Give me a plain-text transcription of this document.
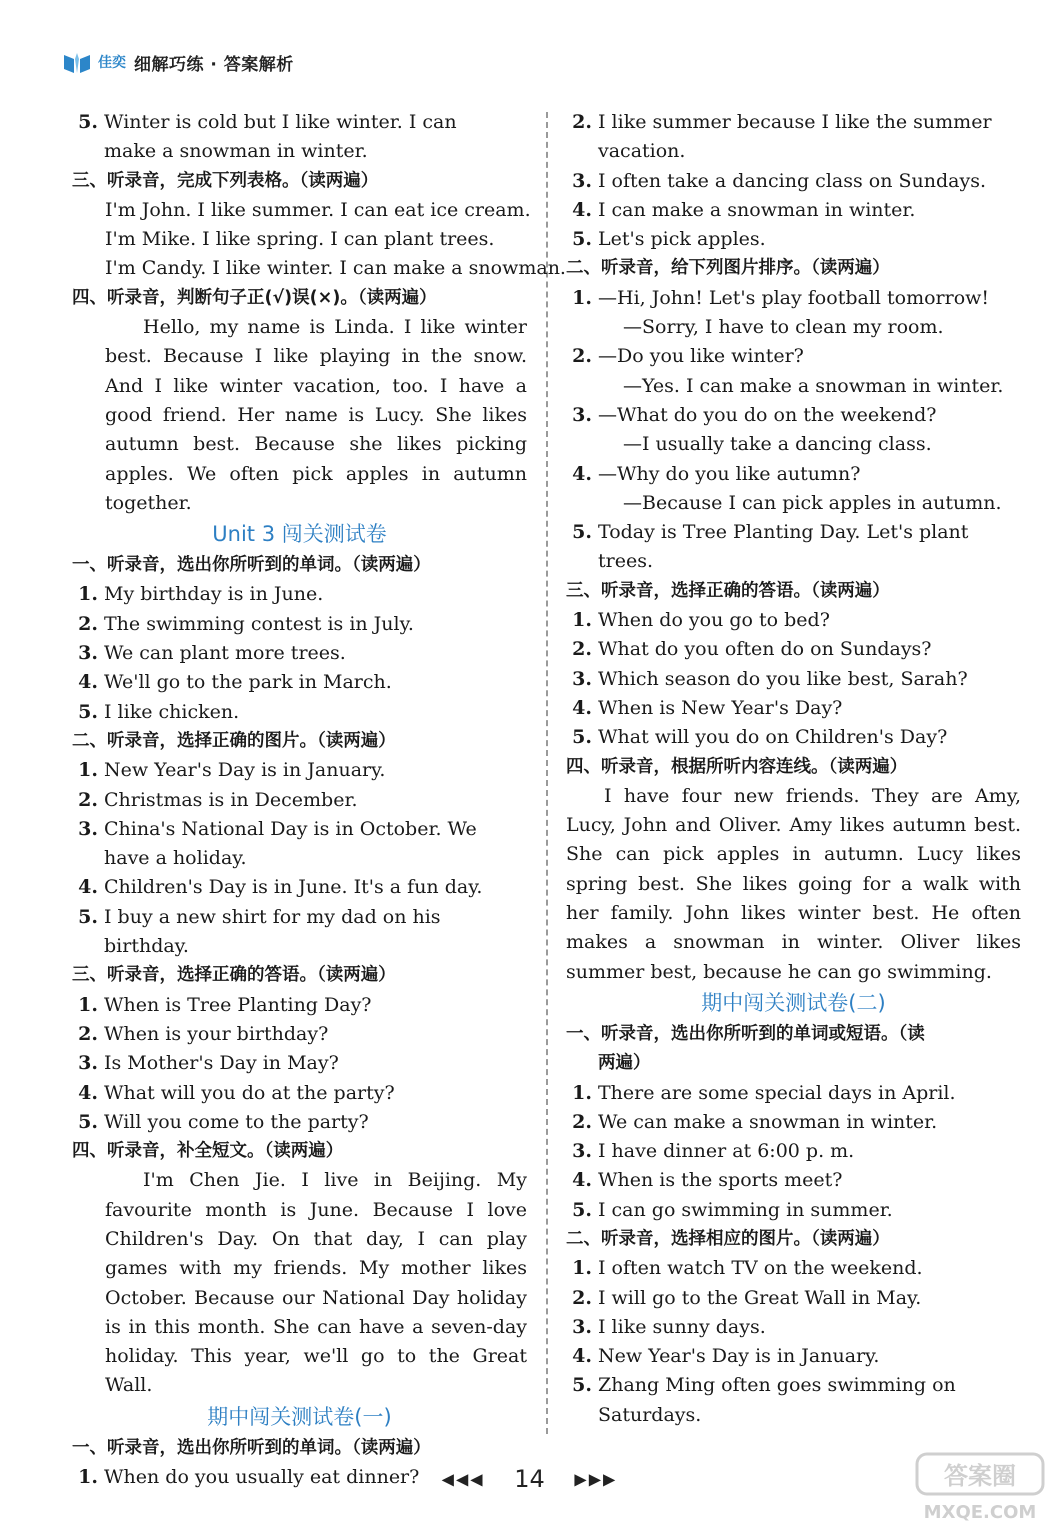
佳奕 细解巧练 · 答案解析
5. Winter is cold but I like winter. I can
make a snowman in winter.
三、听录音，完成下列表格。（读两遍）
I'm John. I like summer. I can eat ice cream.
I'm Mike. I like spring. I can plant trees.
I'm Candy. I like winter. I can make a snowman.
四、听录音，判断句子正(√)误(×)。（读两遍）
Hello, my name is Linda. I like winter best. Because I like playing in the snow. And I like winter vacation, too. I have a good friend. Her name is Lucy. She likes autumn best. Because she likes picking apples. We often pick apples in autumn together.
Unit 3 闯关测试卷
一、听录音，选出你所听到的单词。（读两遍）
1. My birthday is in June.
2. The swimming contest is in July.
3. We can plant more trees.
4. We'll go to the park in March.
5. I like chicken.
二、听录音，选择正确的图片。（读两遍）
1. New Year's Day is in January.
2. Christmas is in December.
3. China's National Day is in October. We
have a holiday.
4. Children's Day is in June. It's a fun day.
5. I buy a new shirt for my dad on his
birthday.
三、听录音，选择正确的答语。（读两遍）
1. When is Tree Planting Day?
2. When is your birthday?
3. Is Mother's Day in May?
4. What will you do at the party?
5. Will you come to the party?
四、听录音，补全短文。（读两遍）
I'm Chen Jie. I live in Beijing. My favourite month is June. Because I love Children's Day. On that day, I can play games with my friends. My mother likes October. Because our National Day holiday is in this month. She can have a seven-day holiday. This year, we'll go to the Great Wall.
期中闯关测试卷(一)
一、听录音，选出你所听到的单词。（读两遍）
1. When do you usually eat dinner?
2. I like summer because I like the summer
vacation.
3. I often take a dancing class on Sundays.
4. I can make a snowman in winter.
5. Let's pick apples.
二、听录音，给下列图片排序。（读两遍）
1. —Hi, John! Let's play football tomorrow!
—Sorry, I have to clean my room.
2. —Do you like winter?
—Yes. I can make a snowman in winter.
3. —What do you do on the weekend?
—I usually take a dancing class.
4. —Why do you like autumn?
—Because I can pick apples in autumn.
5. Today is Tree Planting Day. Let's plant
trees.
三、听录音，选择正确的答语。（读两遍）
1. When do you go to bed?
2. What do you often do on Sundays?
3. Which season do you like best, Sarah?
4. When is New Year's Day?
5. What will you do on Children's Day?
四、听录音，根据所听内容连线。（读两遍）
I have four new friends. They are Amy, Lucy, John and Oliver. Amy likes autumn best. She can pick apples in autumn. Lucy likes spring best. She likes going for a walk with her family. John likes winter best. He often makes a snowman in winter. Oliver likes summer best, because he can go swimming.
期中闯关测试卷(二)
一、听录音，选出你所听到的单词或短语。（读
两遍）
1. There are some special days in April.
2. We can make a snowman in winter.
3. I have dinner at 6:00 p. m.
4. When is the sports meet?
5. I can go swimming in summer.
二、听录音，选择相应的图片。（读两遍）
1. I often watch TV on the weekend.
2. I will go to the Great Wall in May.
3. I like sunny days.
4. New Year's Day is in January.
5. Zhang Ming often goes swimming on
Saturdays.
◀◀◀ 14 ▶▶▶	答案圈
MXQE.COM
